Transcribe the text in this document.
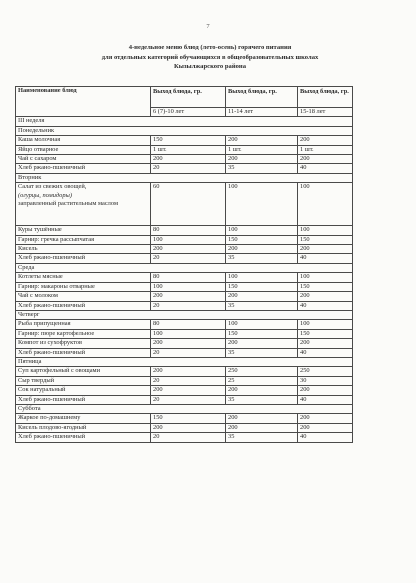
7
4-недельное меню блюд (лето-осень) горячего питания
для отдельных категорий обучающихся в общеобразовательных школах
Кызылжарского района
Наименование блюд	Выход блюда, гр.	Выход блюда, гр.	Выход блюда, гр.
	6 (7)-10 лет	11-14 лет	15-18 лет
III неделя			
Понедельник			
Каша молочная	150	200	200
Яйцо отварное	1 шт.	1 шт.	1 шт.
Чай с сахаром	200	200	200
Хлеб ржано-пшеничный	20	35	40
Вторник			
Салат из свежих овощей,
(огурцы, помидоры)
заправленный растительным маслом	60	100	100
Куры тушённые	80	100	100
Гарнир: гречка рассыпчатая	100	150	150
Кисель	200	200	200
Хлеб ржано-пшеничный	20	35	40
Среда			
Котлеты мясные	80	100	100
Гарнир: макароны отварные	100	150	150
Чай с молоком	200	200	200
Хлеб ржано-пшеничный	20	35	40
Четверг			
Рыба припущенная	80	100	100
Гарнир: пюре картофельное	100	150	150
Компот из сухофруктов	200	200	200
Хлеб ржано-пшеничный	20	35	40
Пятница			
Суп картофельный с овощами	200	250	250
Сыр твердый	20	25	30
Сок натуральный	200	200	200
Хлеб ржано-пшеничный	20	35	40
Суббота			
Жаркое по-домашнему	150	200	200
Кисель плодово-ягодный	200	200	200
Хлеб ржано-пшеничный	20	35	40
